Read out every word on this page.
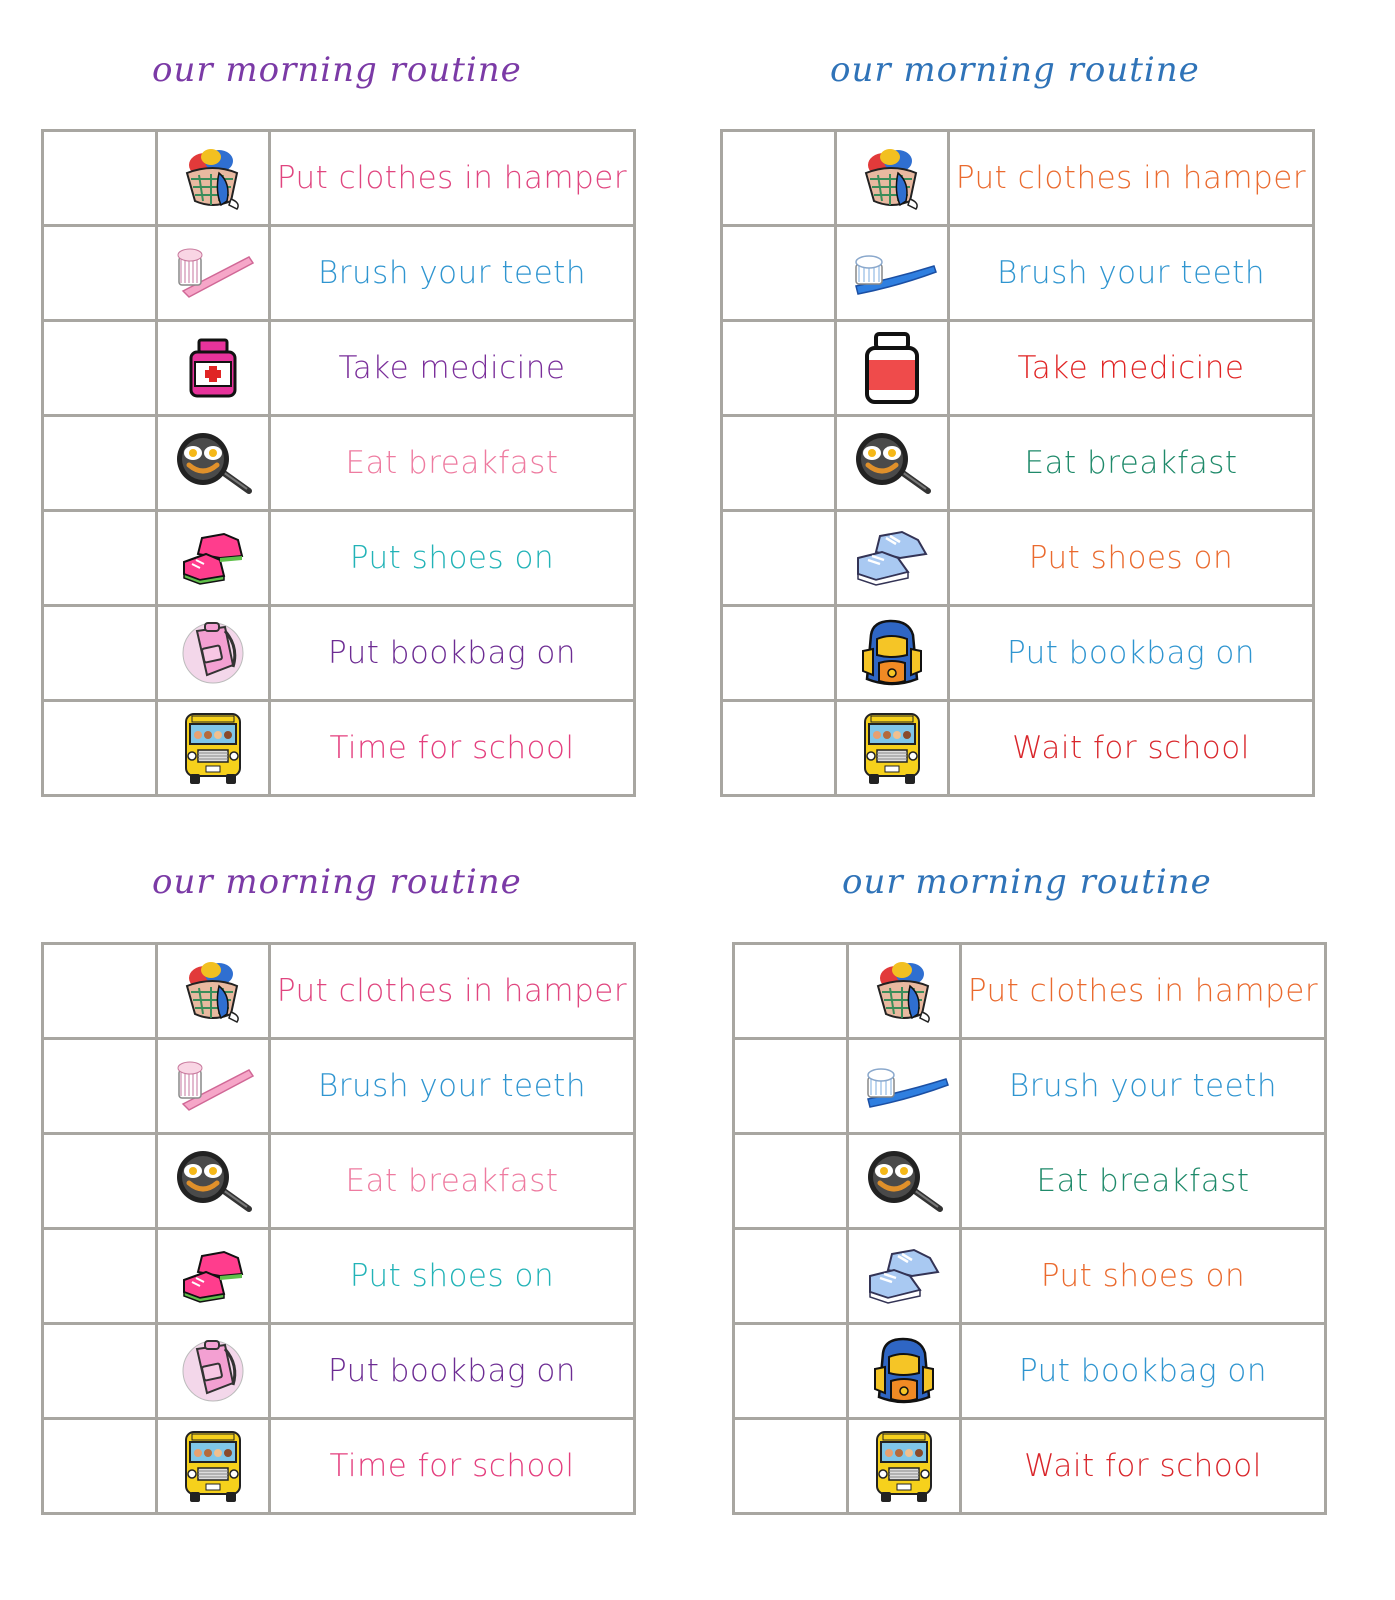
our morning routine

	Put clothes in hamper

	Brush your teeth

	Take medicine

	Eat breakfast

	Put shoes on

	Put bookbag on

	Time for school
our morning routine

	Put clothes in hamper

	Brush your teeth

	Take medicine

	Eat breakfast

	Put shoes on

	Put bookbag on

	Wait for school
our morning routine

	Put clothes in hamper

	Brush your teeth

	Eat breakfast

	Put shoes on

	Put bookbag on

	Time for school
our morning routine

	Put clothes in hamper

	Brush your teeth

	Eat breakfast

	Put shoes on

	Put bookbag on

	Wait for school
